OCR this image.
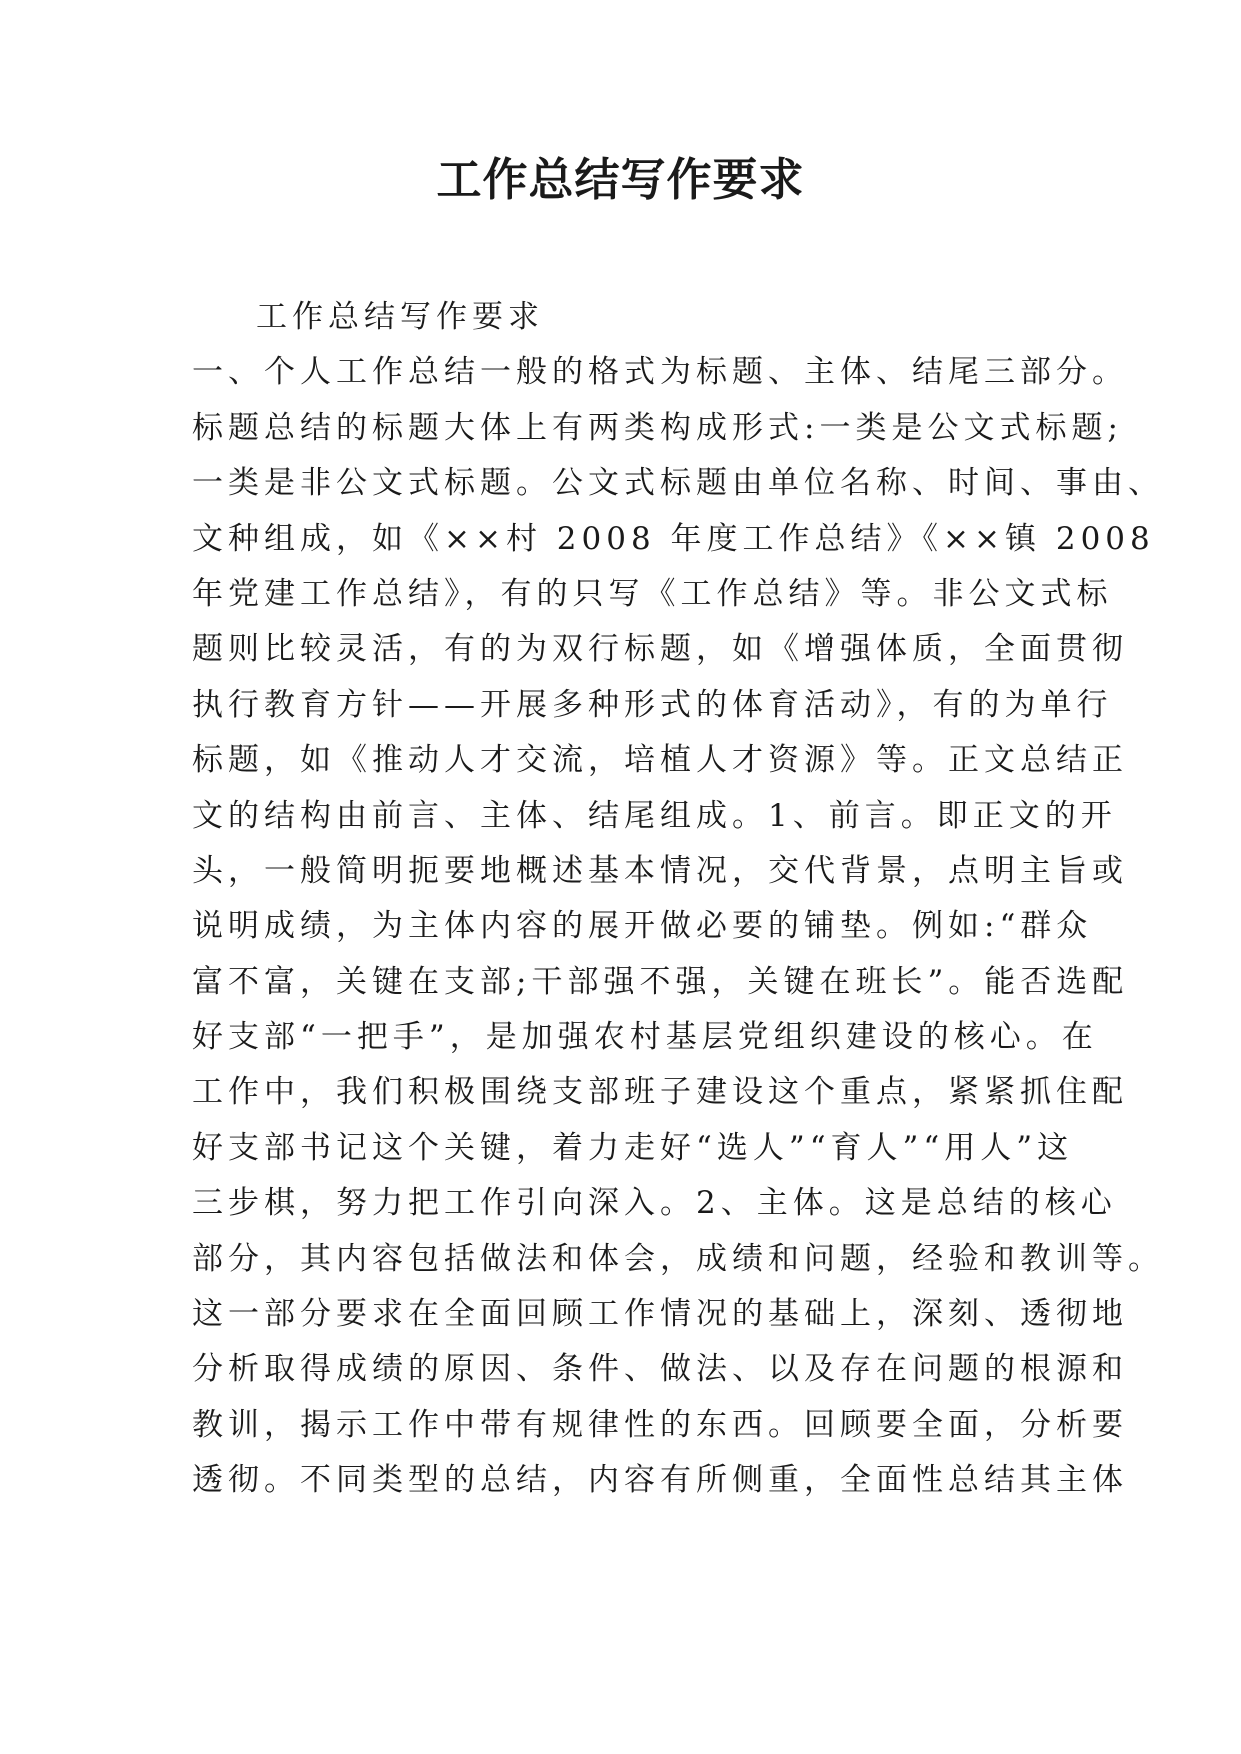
工作总结写作要求

工作总结写作要求

一、个人工作总结一般的格式为标题、主体、结尾三部分。

标题总结的标题大体上有两类构成形式:一类是公文式标题;

一类是非公文式标题。公文式标题由单位名称、时间、事由、

文种组成，如《××村 2008 年度工作总结》《××镇 2008

年党建工作总结》，有的只写《工作总结》等。非公文式标

题则比较灵活，有的为双行标题，如《增强体质，全面贯彻

执行教育方针——开展多种形式的体育活动》，有的为单行

标题，如《推动人才交流，培植人才资源》等。正文总结正

文的结构由前言、主体、结尾组成。1、前言。即正文的开

头，一般简明扼要地概述基本情况，交代背景，点明主旨或

说明成绩，为主体内容的展开做必要的铺垫。例如:“群众

富不富，关键在支部;干部强不强，关键在班长”。能否选配

好支部“一把手”，是加强农村基层党组织建设的核心。在

工作中，我们积极围绕支部班子建设这个重点，紧紧抓住配

好支部书记这个关键，着力走好“选人”“育人”“用人”这

三步棋，努力把工作引向深入。2、主体。这是总结的核心

部分，其内容包括做法和体会，成绩和问题，经验和教训等。

这一部分要求在全面回顾工作情况的基础上，深刻、透彻地

分析取得成绩的原因、条件、做法、以及存在问题的根源和

教训，揭示工作中带有规律性的东西。回顾要全面，分析要

透彻。不同类型的总结，内容有所侧重，全面性总结其主体
